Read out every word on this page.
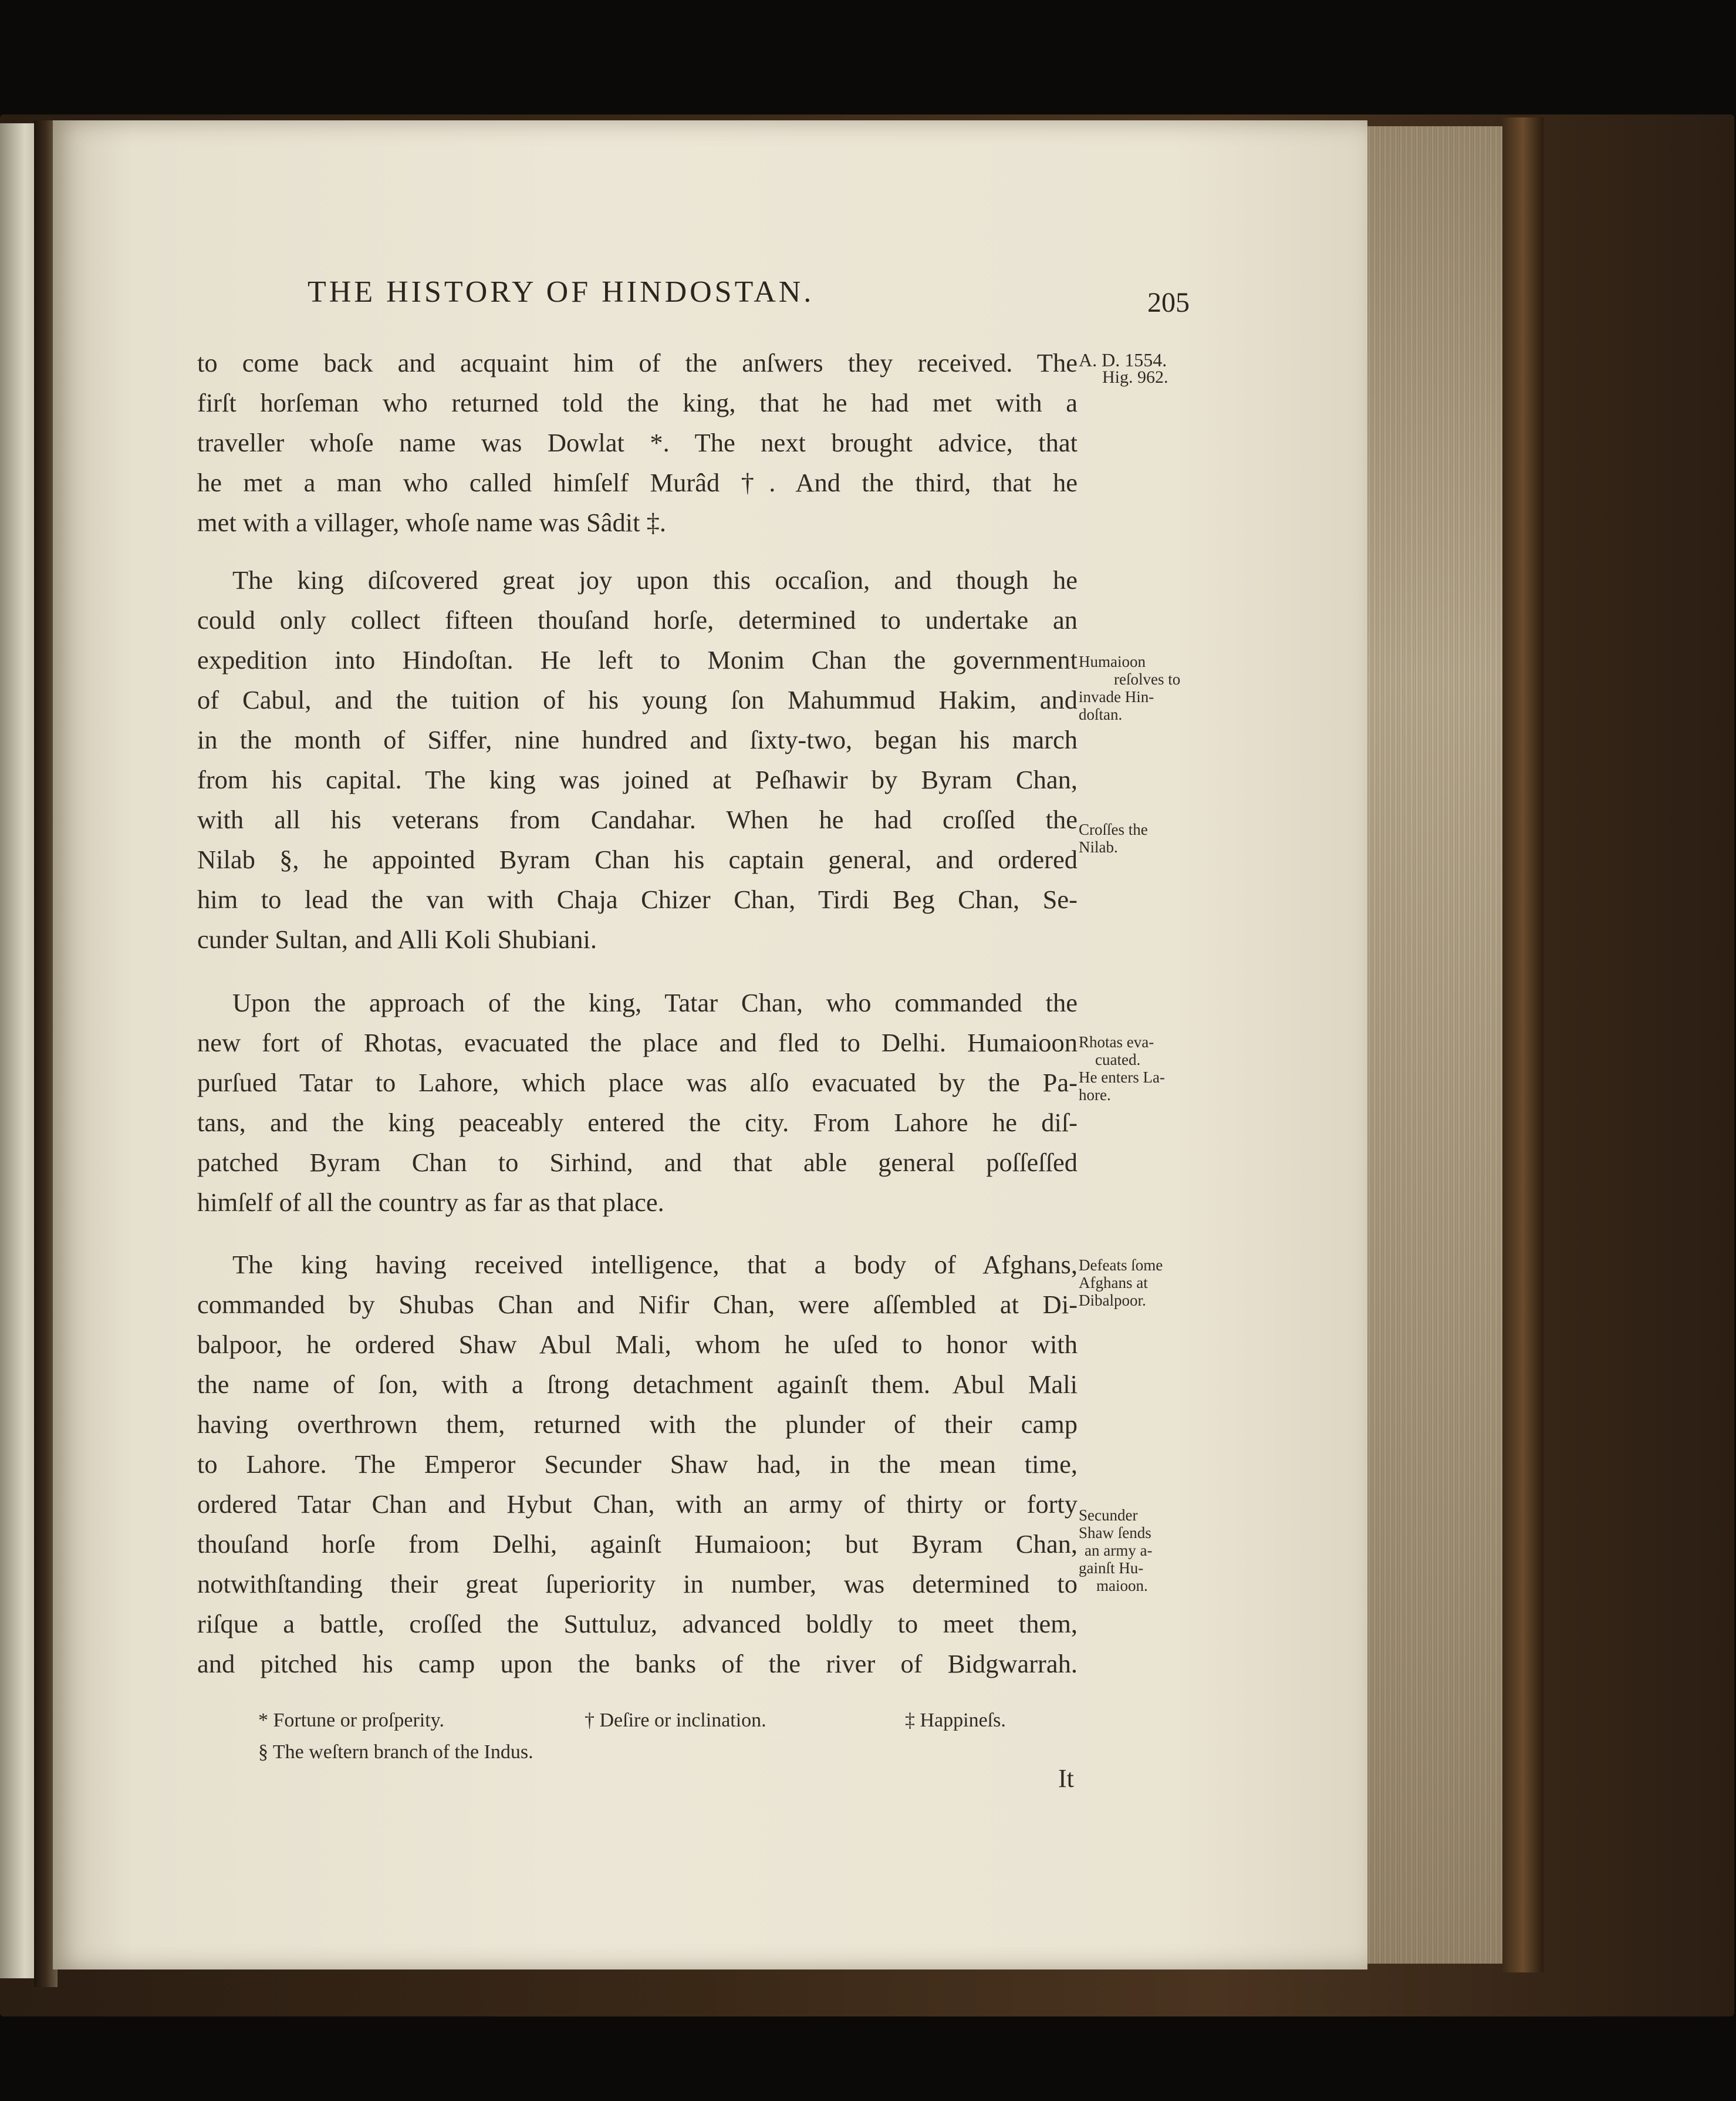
THE HISTORY OF HINDOSTAN.	205
to come back and acquaint him of the anſwers they received. The
firſt horſeman who returned told the king, that he had met with a
traveller whoſe name was Dowlat *. The next brought advice, that
he met a man who called himſelf Murâd †. And the third, that he
met with a villager, whoſe name was Sâdit ‡.
The king diſcovered great joy upon this occaſion, and though he
could only collect fifteen thouſand horſe, determined to undertake an
expedition into Hindoſtan. He left to Monim Chan the government
of Cabul, and the tuition of his young ſon Mahummud Hakim, and
in the month of Siffer, nine hundred and ſixty-two, began his march
from his capital. The king was joined at Peſhawir by Byram Chan,
with all his veterans from Candahar. When he had croſſed the
Nilab §, he appointed Byram Chan his captain general, and ordered
him to lead the van with Chaja Chizer Chan, Tirdi Beg Chan, Se-
cunder Sultan, and Alli Koli Shubiani.
Upon the approach of the king, Tatar Chan, who commanded the
new fort of Rhotas, evacuated the place and fled to Delhi. Humaioon
purſued Tatar to Lahore, which place was alſo evacuated by the Pa-
tans, and the king peaceably entered the city. From Lahore he diſ-
patched Byram Chan to Sirhind, and that able general poſſeſſed
himſelf of all the country as far as that place.
The king having received intelligence, that a body of Afghans,
commanded by Shubas Chan and Nifir Chan, were aſſembled at Di-
balpoor, he ordered Shaw Abul Mali, whom he uſed to honor with
the name of ſon, with a ſtrong detachment againſt them. Abul Mali
having overthrown them, returned with the plunder of their camp
to Lahore. The Emperor Secunder Shaw had, in the mean time,
ordered Tatar Chan and Hybut Chan, with an army of thirty or forty
thouſand horſe from Delhi, againſt Humaioon; but Byram Chan,
notwithſtanding their great ſuperiority in number, was determined to
riſque a battle, croſſed the Suttuluz, advanced boldly to meet them,
and pitched his camp upon the banks of the river of Bidgwarrah.
A. D. 1554.
Hig. 962.
Humaioon
reſolves to
invade Hin-
doſtan.
Croſſes the
Nilab.
Rhotas eva-
cuated.
He enters La-
hore.
Defeats ſome
Afghans at
Dibalpoor.
Secunder
Shaw ſends
an army a-
gainſt Hu-
maioon.
* Fortune or proſperity.	† Deſire or inclination.	‡ Happineſs.
§ The weſtern branch of the Indus.
It
